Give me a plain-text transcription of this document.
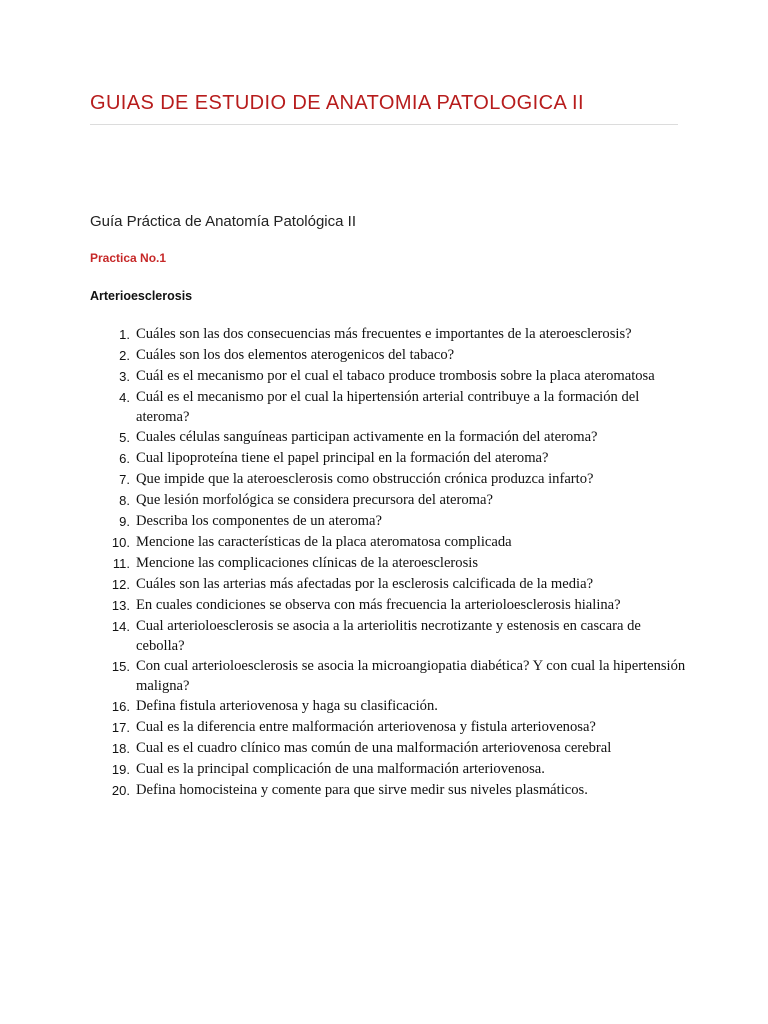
GUIAS DE ESTUDIO DE ANATOMIA PATOLOGICA II
Guía Práctica de Anatomía Patológica II
Practica No.1
Arterioesclerosis
1. Cuáles son las dos consecuencias más frecuentes e importantes de la ateroesclerosis?
2. Cuáles son los dos elementos aterogenicos del tabaco?
3. Cuál es el mecanismo por el cual el tabaco produce trombosis sobre la placa ateromatosa
4. Cuál es el mecanismo por el cual la hipertensión arterial contribuye a la formación del ateroma?
5. Cuales células sanguíneas participan activamente en la formación del ateroma?
6. Cual lipoproteína tiene el papel principal en la formación del ateroma?
7. Que impide que la ateroesclerosis como obstrucción crónica produzca infarto?
8. Que lesión morfológica se considera precursora del ateroma?
9. Describa los componentes de un ateroma?
10. Mencione las características de la placa ateromatosa complicada
11. Mencione las complicaciones clínicas de la ateroesclerosis
12. Cuáles son las arterias más afectadas por la esclerosis calcificada de la media?
13. En cuales condiciones se observa con más frecuencia la arterioloesclerosis hialina?
14. Cual arterioloesclerosis se asocia a la arteriolitis necrotizante y estenosis en cascara de cebolla?
15. Con cual arterioloesclerosis se asocia la microangiopatia diabética? Y con cual la hipertensión maligna?
16. Defina fistula arteriovenosa y haga su clasificación.
17. Cual es la diferencia entre malformación arteriovenosa y fistula arteriovenosa?
18. Cual es el cuadro clínico mas común de una malformación arteriovenosa cerebral
19. Cual es la principal complicación de una malformación arteriovenosa.
20. Defina homocisteina y comente para que sirve medir sus niveles plasmáticos.
